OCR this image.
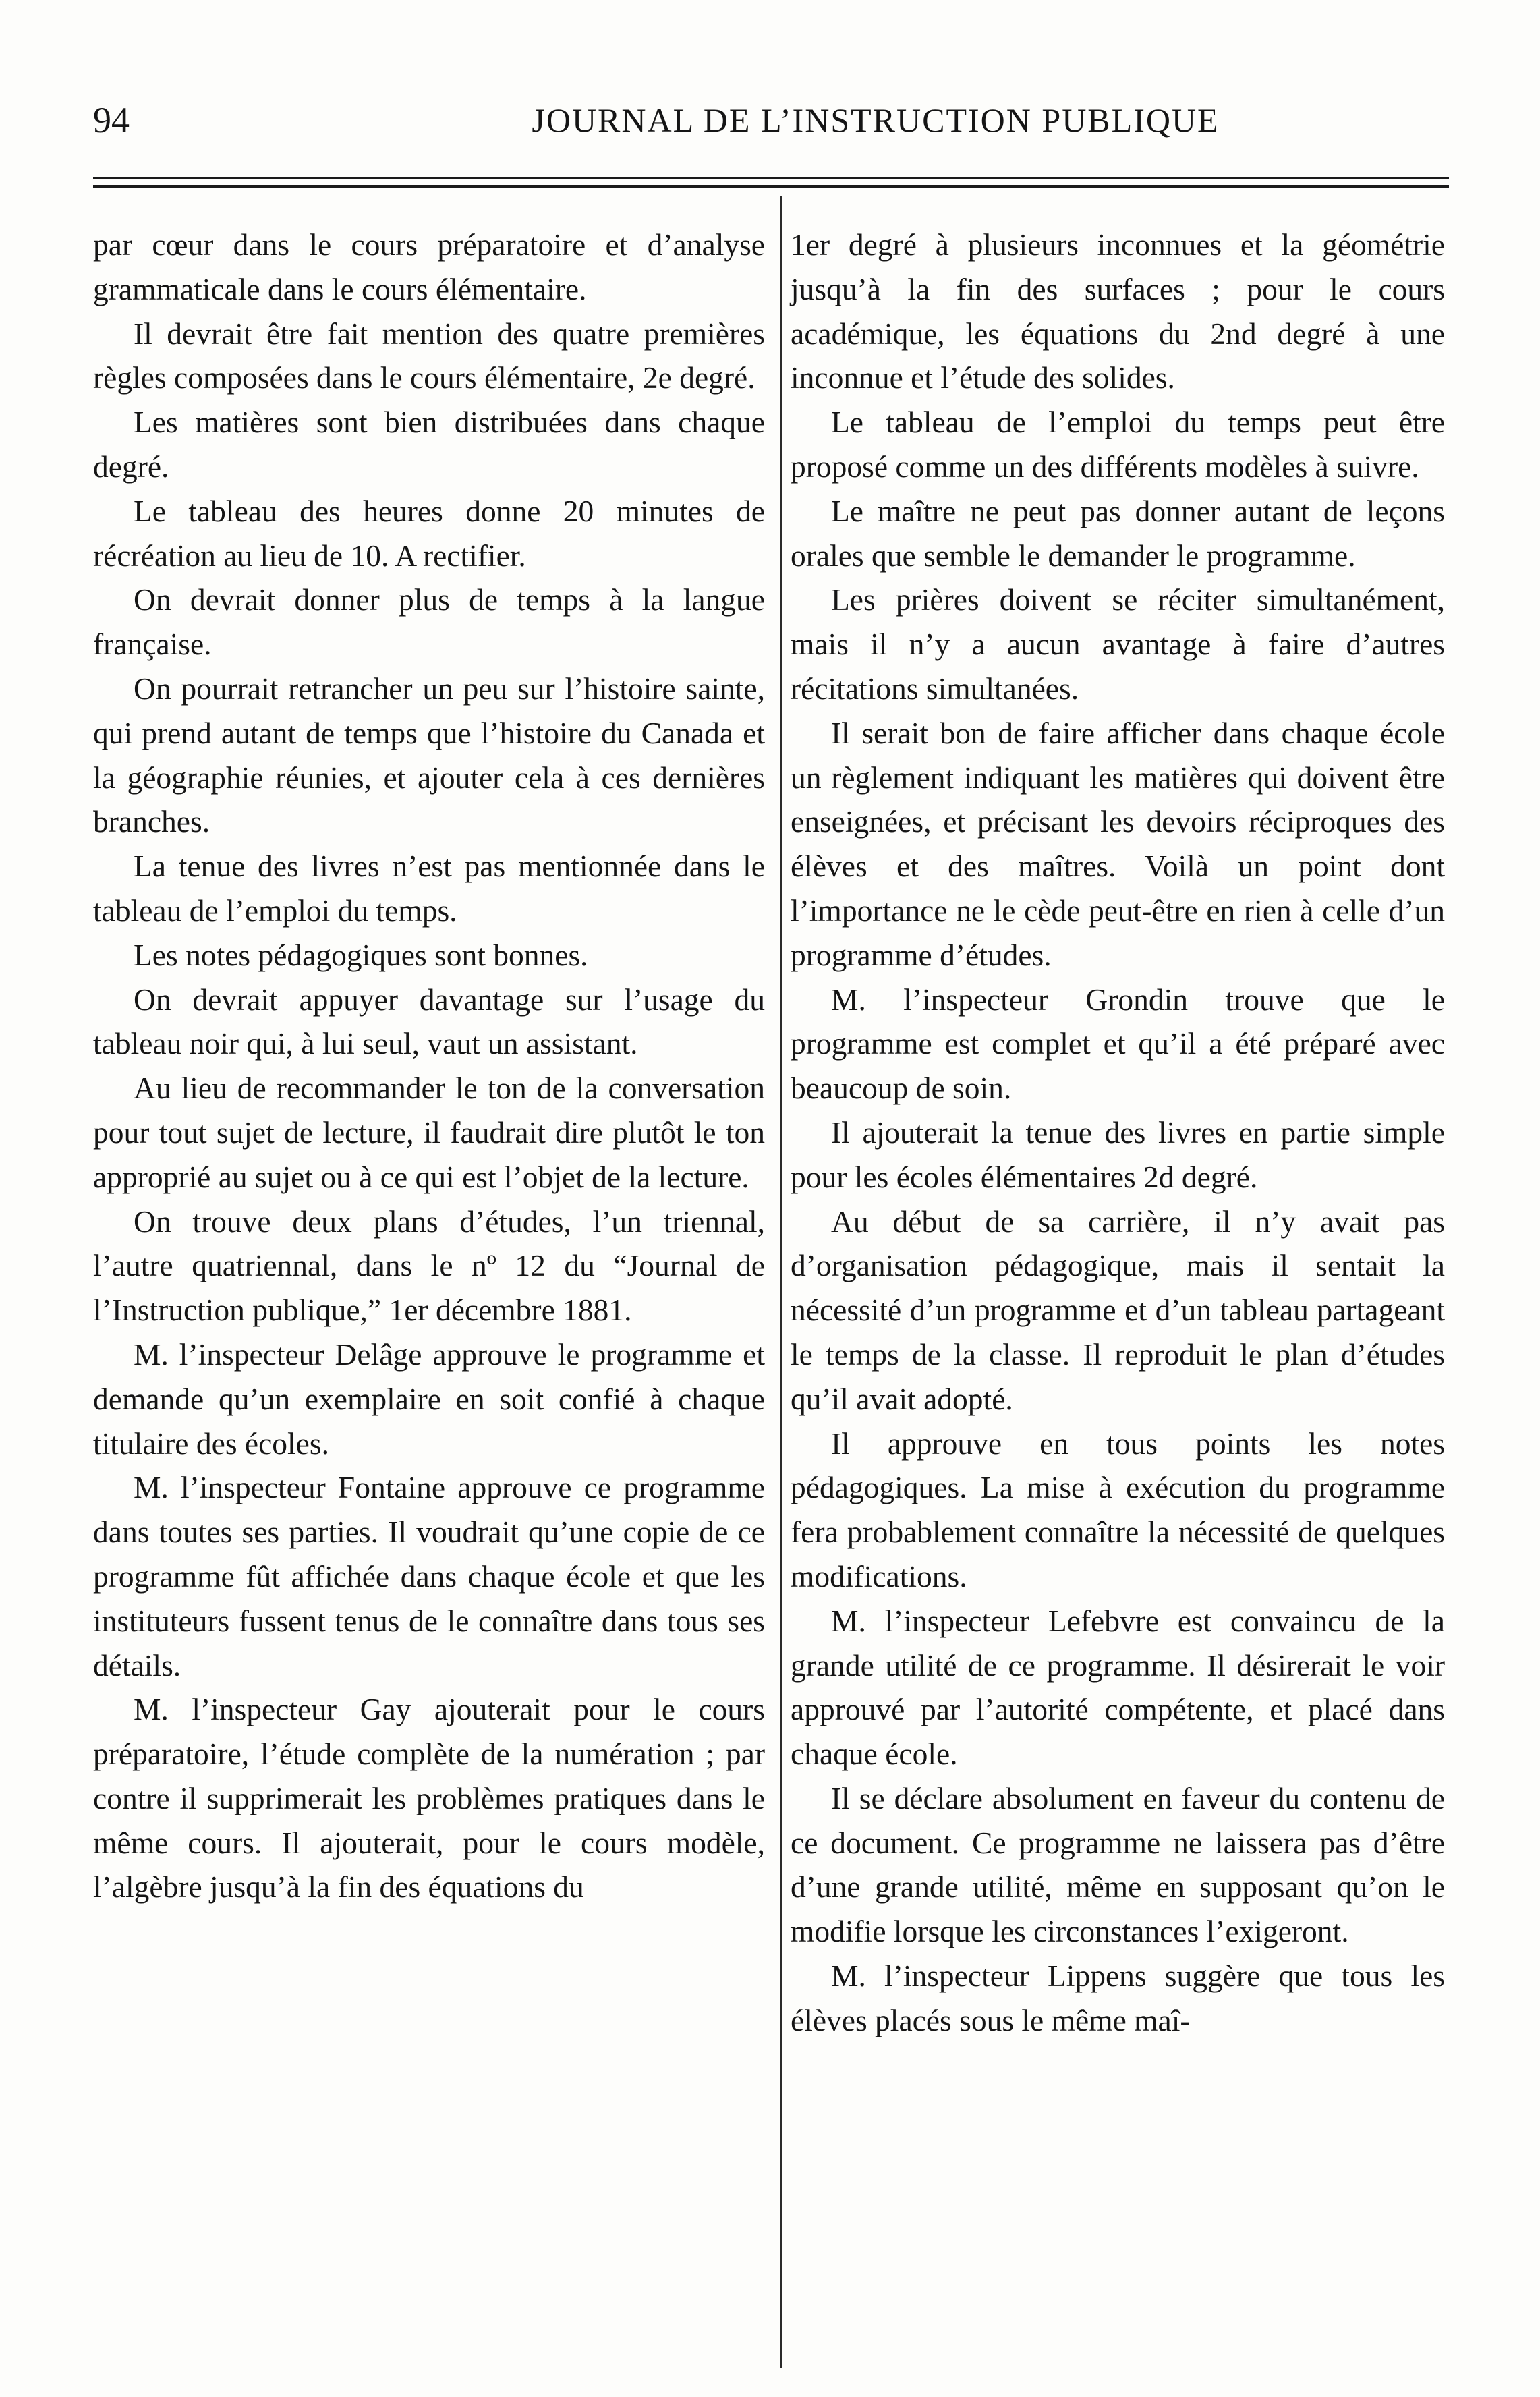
94	JOURNAL DE L’INSTRUCTION PUBLIQUE

par cœur dans le cours préparatoire et d’analyse grammaticale dans le cours élémentaire.

Il devrait être fait mention des quatre premières règles composées dans le cours élémentaire, 2e degré.

Les matières sont bien distribuées dans chaque degré.

Le tableau des heures donne 20 minutes de récréation au lieu de 10. A rectifier.

On devrait donner plus de temps à la langue française.

On pourrait retrancher un peu sur l’histoire sainte, qui prend autant de temps que l’histoire du Canada et la géographie réunies, et ajouter cela à ces dernières branches.

La tenue des livres n’est pas mentionnée dans le tableau de l’emploi du temps.

Les notes pédagogiques sont bonnes.

On devrait appuyer davantage sur l’usage du tableau noir qui, à lui seul, vaut un assistant.

Au lieu de recommander le ton de la conversation pour tout sujet de lecture, il faudrait dire plutôt le ton approprié au sujet ou à ce qui est l’objet de la lecture.

On trouve deux plans d’études, l’un triennal, l’autre quatriennal, dans le nº 12 du “Journal de l’Instruction publique,” 1er décembre 1881.

M. l’inspecteur Delâge approuve le programme et demande qu’un exemplaire en soit confié à chaque titulaire des écoles.

M. l’inspecteur Fontaine approuve ce programme dans toutes ses parties. Il voudrait qu’une copie de ce programme fût affichée dans chaque école et que les instituteurs fussent tenus de le connaître dans tous ses détails.

M. l’inspecteur Gay ajouterait pour le cours préparatoire, l’étude complète de la numération ; par contre il supprimerait les problèmes pratiques dans le même cours. Il ajouterait, pour le cours modèle, l’algèbre jusqu’à la fin des équations du

1er degré à plusieurs inconnues et la géométrie jusqu’à la fin des surfaces ; pour le cours académique, les équations du 2nd degré à une inconnue et l’étude des solides.

Le tableau de l’emploi du temps peut être proposé comme un des différents modèles à suivre.

Le maître ne peut pas donner autant de leçons orales que semble le demander le programme.

Les prières doivent se réciter simultanément, mais il n’y a aucun avantage à faire d’autres récitations simultanées.

Il serait bon de faire afficher dans chaque école un règlement indiquant les matières qui doivent être enseignées, et précisant les devoirs réciproques des élèves et des maîtres. Voilà un point dont l’importance ne le cède peut-être en rien à celle d’un programme d’études.

M. l’inspecteur Grondin trouve que le programme est complet et qu’il a été préparé avec beaucoup de soin.

Il ajouterait la tenue des livres en partie simple pour les écoles élémentaires 2d degré.

Au début de sa carrière, il n’y avait pas d’organisation pédagogique, mais il sentait la nécessité d’un programme et d’un tableau partageant le temps de la classe. Il reproduit le plan d’études qu’il avait adopté.

Il approuve en tous points les notes pédagogiques. La mise à exécution du programme fera probablement connaître la nécessité de quelques modifications.

M. l’inspecteur Lefebvre est convaincu de la grande utilité de ce programme. Il désirerait le voir approuvé par l’autorité compétente, et placé dans chaque école.

Il se déclare absolument en faveur du contenu de ce document. Ce programme ne laissera pas d’être d’une grande utilité, même en supposant qu’on le modifie lorsque les circonstances l’exigeront.

M. l’inspecteur Lippens suggère que tous les élèves placés sous le même maî-
